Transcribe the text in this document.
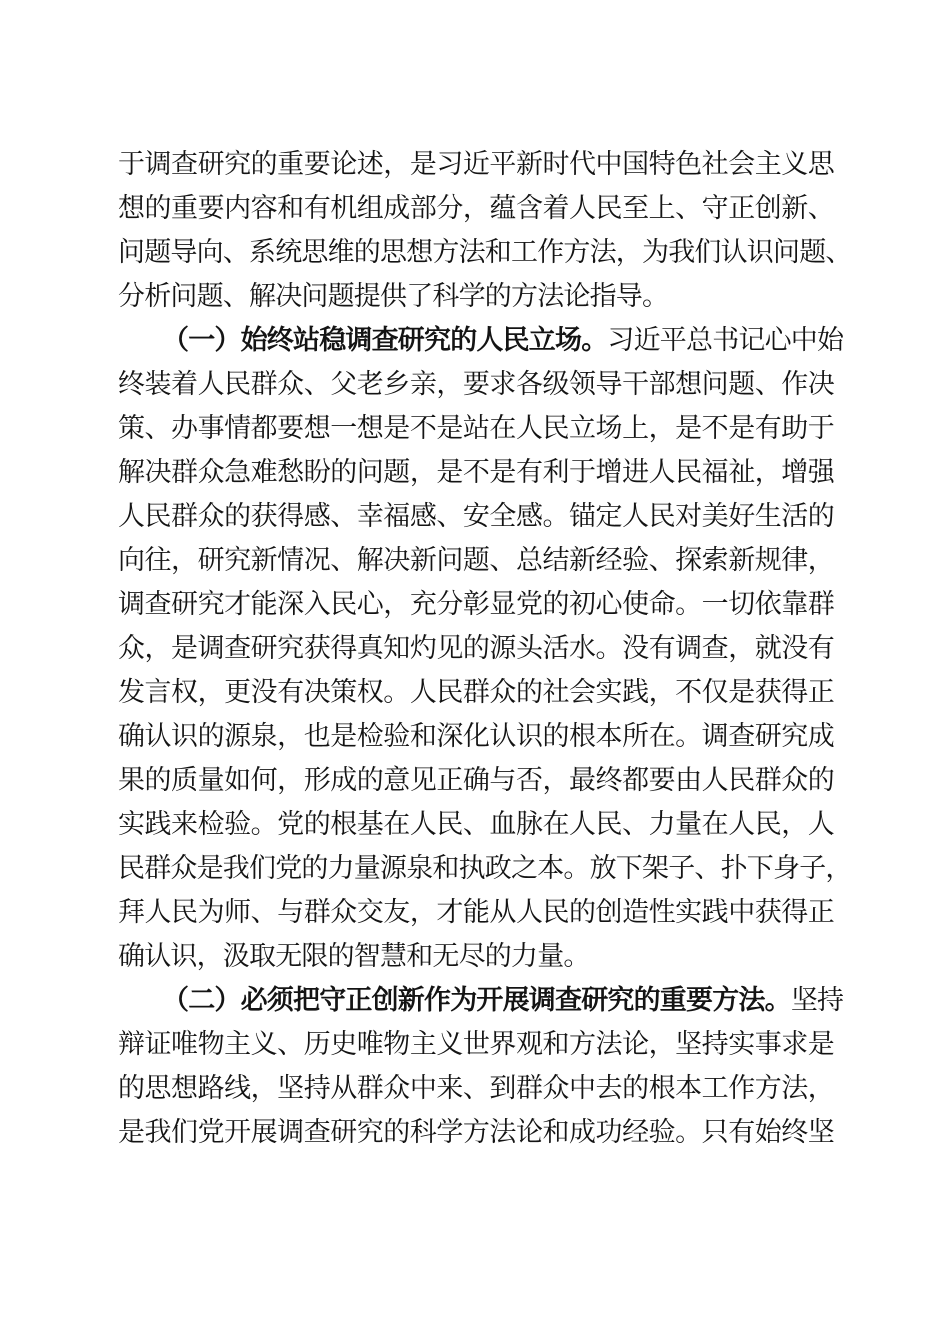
于调查研究的重要论述，是习近平新时代中国特色社会主义思
想的重要内容和有机组成部分，蕴含着人民至上、守正创新、
问题导向、系统思维的思想方法和工作方法，为我们认识问题、
分析问题、解决问题提供了科学的方法论指导。
（一）始终站稳调查研究的人民立场。习近平总书记心中始
终装着人民群众、父老乡亲，要求各级领导干部想问题、作决
策、办事情都要想一想是不是站在人民立场上，是不是有助于
解决群众急难愁盼的问题，是不是有利于增进人民福祉，增强
人民群众的获得感、幸福感、安全感。锚定人民对美好生活的
向往，研究新情况、解决新问题、总结新经验、探索新规律，
调查研究才能深入民心，充分彰显党的初心使命。一切依靠群
众，是调查研究获得真知灼见的源头活水。没有调查，就没有
发言权，更没有决策权。人民群众的社会实践，不仅是获得正
确认识的源泉，也是检验和深化认识的根本所在。调查研究成
果的质量如何，形成的意见正确与否，最终都要由人民群众的
实践来检验。党的根基在人民、血脉在人民、力量在人民，人
民群众是我们党的力量源泉和执政之本。放下架子、扑下身子，
拜人民为师、与群众交友，才能从人民的创造性实践中获得正
确认识，汲取无限的智慧和无尽的力量。
（二）必须把守正创新作为开展调查研究的重要方法。坚持
辩证唯物主义、历史唯物主义世界观和方法论，坚持实事求是
的思想路线，坚持从群众中来、到群众中去的根本工作方法，
是我们党开展调查研究的科学方法论和成功经验。只有始终坚
